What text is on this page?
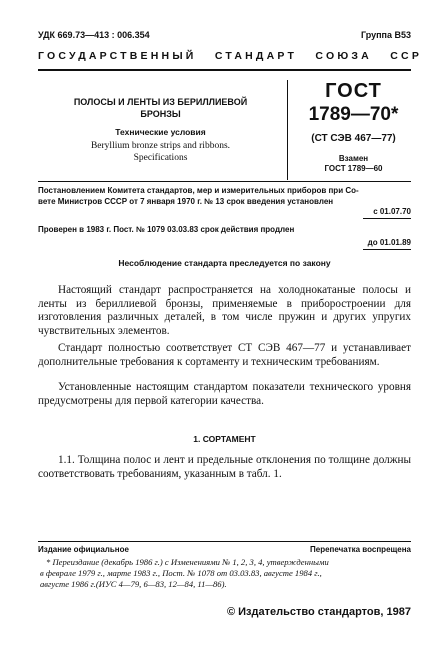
УДК 669.73—413 : 006.354	Группа В53
ГОСУДАРСТВЕННЫЙ   СТАНДАРТ   СОЮЗА   ССР
ПОЛОСЫ И ЛЕНТЫ ИЗ БЕРИЛЛИЕВОЙ
БРОНЗЫ
Технические условия
Beryllium bronze strips and ribbons.
Specifications
ГОСТ
1789—70*
(СТ СЭВ 467—77)
Взамен
ГОСТ 1789—60
Постановлением Комитета стандартов, мер и измерительных приборов при Со-
вете Министров СССР от 7 января 1970 г. № 13 срок введения установлен
с 01.07.70
Проверен в 1983 г. Пост. № 1079 03.03.83 срок действия продлен
до 01.01.89
Несоблюдение стандарта преследуется по закону

Настоящий стандарт распространяется на холоднокатаные полосы и ленты из бериллиевой бронзы, применяемые в приборостроении для изготовления различных деталей, в том числе пружин и других упругих чувствительных элементов.

Стандарт полностью соответствует СТ СЭВ 467—77 и устанавливает дополнительные требования к сортаменту и техническим требованиям.

Установленные настоящим стандартом показатели технического уровня предусмотрены для первой категории качества.

1. СОРТАМЕНТ

1.1. Толщина полос и лент и предельные отклонения по толщине должны соответствовать требованиям, указанным в табл. 1.

Издание официальное	Перепечатка воспрещена
* Переиздание (декабрь 1986 г.) с Изменениями № 1, 2, 3, 4, утвержденными
в феврале 1979 г., марте 1983 г., Пост. № 1078 от 03.03.83, августе 1984 г.,
августе 1986 г.(ИУС 4—79, 6—83, 12—84, 11—86).
© Издательство стандартов, 1987
